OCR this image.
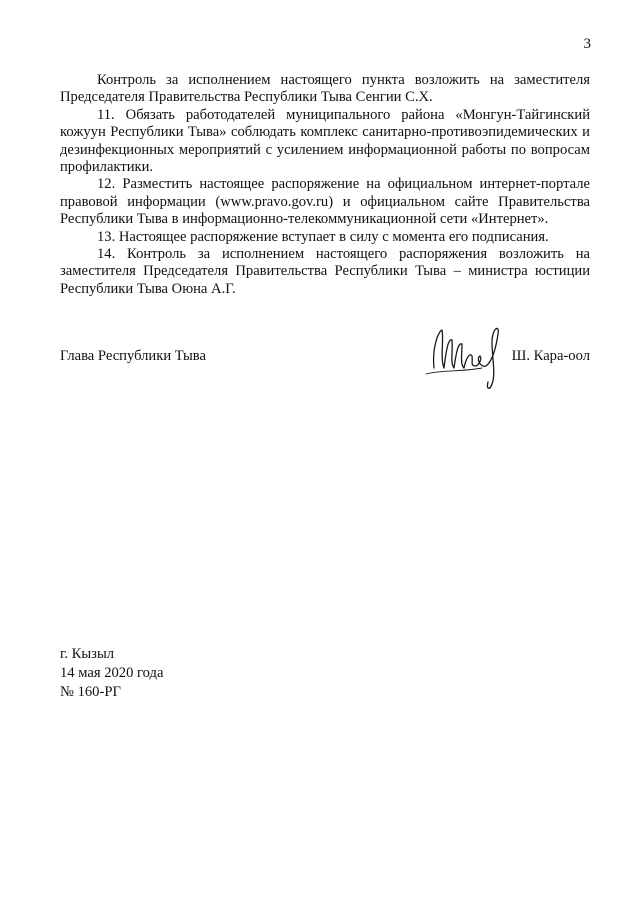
3

Контроль за исполнением настоящего пункта возложить на заместителя Председателя Правительства Республики Тыва Сенгии С.Х.

11. Обязать работодателей муниципального района «Монгун-Тайгинский кожуун Республики Тыва» соблюдать комплекс санитарно-противоэпидемических и дезинфекционных мероприятий с усилением информационной работы по вопросам профилактики.

12. Разместить настоящее распоряжение на официальном интернет-портале правовой информации (www.pravo.gov.ru) и официальном сайте Правительства Республики Тыва в информационно-телекоммуникационной сети «Интернет».

13. Настоящее распоряжение вступает в силу с момента его подписания.

14. Контроль за исполнением настоящего распоряжения возложить на заместителя Председателя Правительства Республики Тыва – министра юстиции Республики Тыва Оюна А.Г.

Глава Республики Тыва	Ш. Кара-оол
г. Кызыл
14 мая 2020 года
№ 160-РГ
